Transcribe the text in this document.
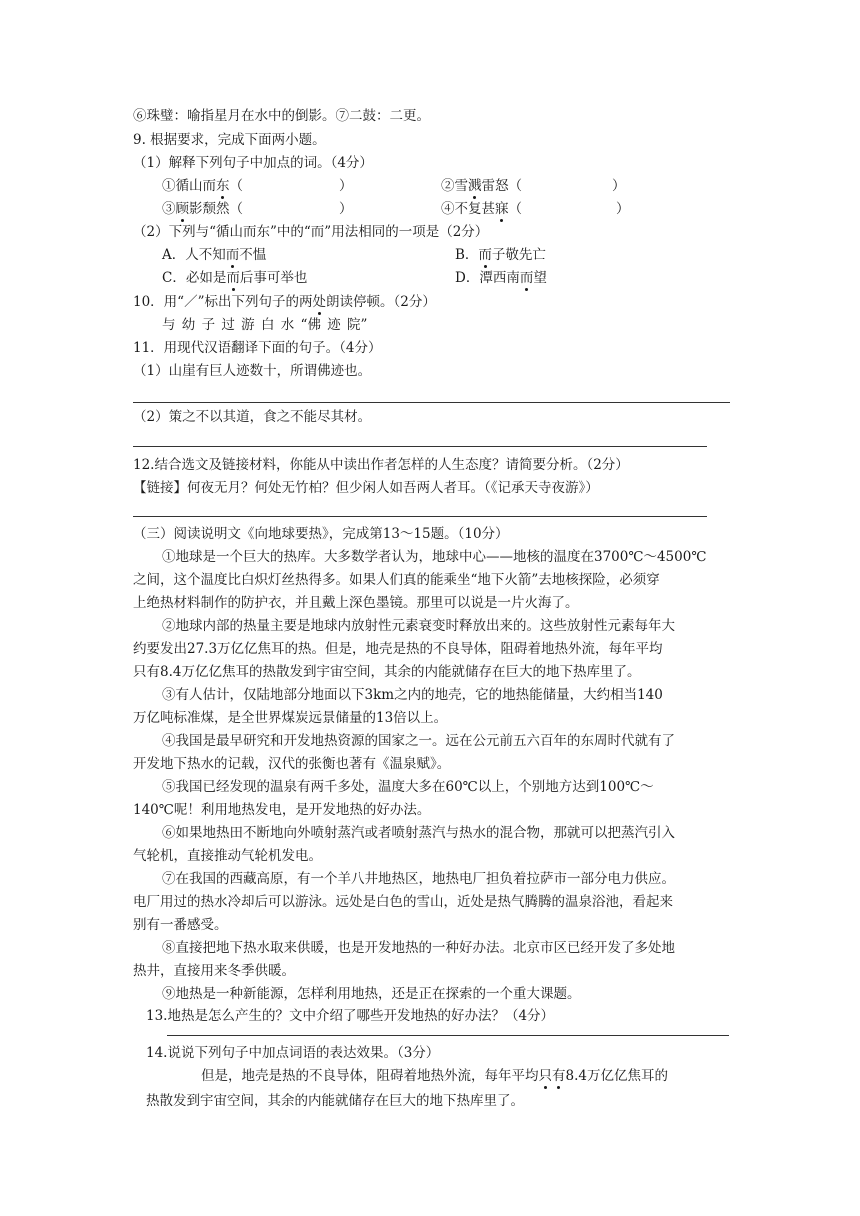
⑥珠璧：喻指星月在水中的倒影。⑦二鼓：二更。
9. 根据要求，完成下面两小题。
（1）解释下列句子中加点的词。（4分）
①循山而东（	）	②雪溅雷怒（	）
③顾影颓然（	）	④不复甚寐（	）
（2）下列与“循山而东”中的“而”用法相同的一项是（2分）
A．人不知而不愠	B．而子敬先亡
C．必如是而后事可举也	D．潭西南而望
10．用“／”标出下列句子的两处朗读停顿。（2分）
与 幼 子 过 游 白 水 “佛 迹 院”
11．用现代汉语翻译下面的句子。（4分）
（1）山崖有巨人迹数十，所谓佛迹也。
（2）策之不以其道，食之不能尽其材。
12.结合选文及链接材料，你能从中读出作者怎样的人生态度？请简要分析。（2分）
【链接】何夜无月？何处无竹柏？但少闲人如吾两人者耳。（《记承天寺夜游》）
（三）阅读说明文《向地球要热》，完成第13～15题。（10分）
①地球是一个巨大的热库。大多数学者认为，地球中心——地核的温度在3700℃～4500℃
之间，这个温度比白炽灯丝热得多。如果人们真的能乘坐“地下火箭”去地核探险，必须穿
上绝热材料制作的防护衣，并且戴上深色墨镜。那里可以说是一片火海了。
②地球内部的热量主要是地球内放射性元素衰变时释放出来的。这些放射性元素每年大
约要发出27.3万亿亿焦耳的热。但是，地壳是热的不良导体，阻碍着地热外流，每年平均
只有8.4万亿亿焦耳的热散发到宇宙空间，其余的内能就储存在巨大的地下热库里了。
③有人估计，仅陆地部分地面以下3km之内的地壳，它的地热能储量，大约相当140
万亿吨标准煤，是全世界煤炭远景储量的13倍以上。
④我国是最早研究和开发地热资源的国家之一。远在公元前五六百年的东周时代就有了
开发地下热水的记载，汉代的张衡也著有《温泉赋》。
⑤我国已经发现的温泉有两千多处，温度大多在60℃以上，个别地方达到100℃～
140℃呢！利用地热发电，是开发地热的好办法。
⑥如果地热田不断地向外喷射蒸汽或者喷射蒸汽与热水的混合物，那就可以把蒸汽引入
气轮机，直接推动气轮机发电。
⑦在我国的西藏高原，有一个羊八井地热区，地热电厂担负着拉萨市一部分电力供应。
电厂用过的热水冷却后可以游泳。远处是白色的雪山，近处是热气腾腾的温泉浴池，看起来
别有一番感受。
⑧直接把地下热水取来供暖，也是开发地热的一种好办法。北京市区已经开发了多处地
热井，直接用来冬季供暖。
⑨地热是一种新能源，怎样利用地热，还是正在探索的一个重大课题。
13.地热是怎么产生的？文中介绍了哪些开发地热的好办法？（4分）
14.说说下列句子中加点词语的表达效果。（3分）
但是，地壳是热的不良导体，阻碍着地热外流，每年平均只有8.4万亿亿焦耳的
热散发到宇宙空间，其余的内能就储存在巨大的地下热库里了。
